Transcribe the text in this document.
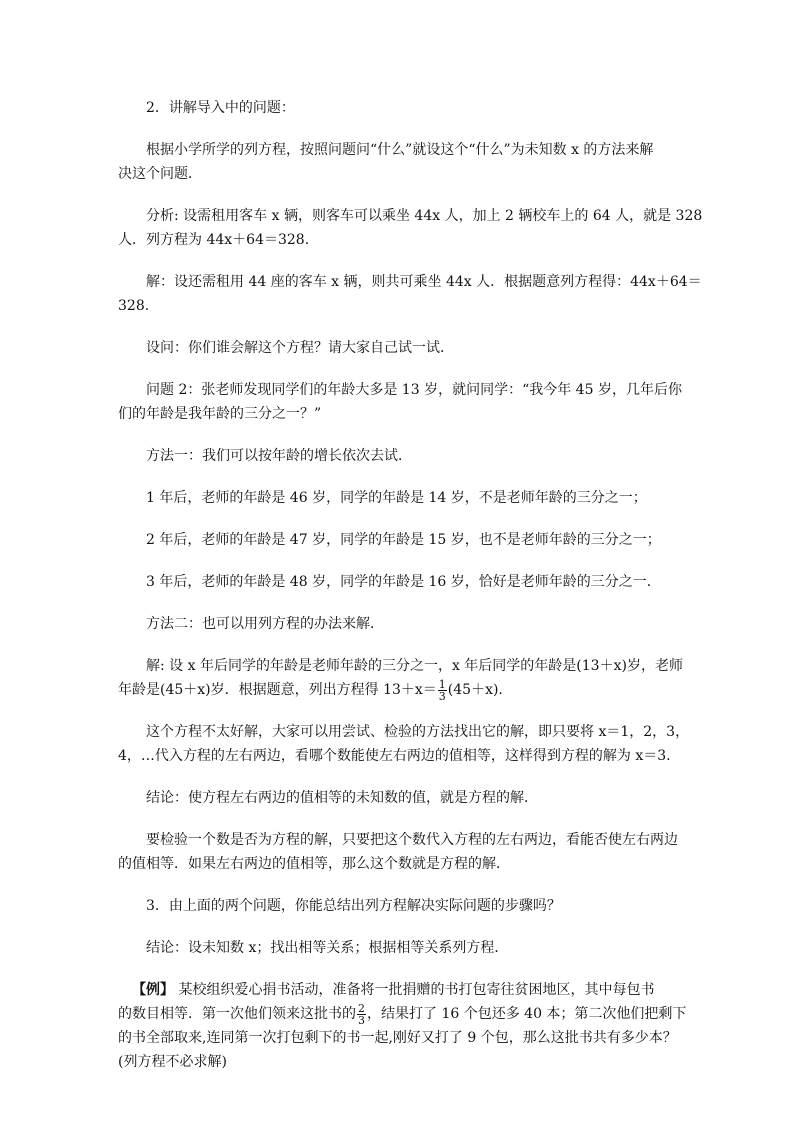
2．讲解导入中的问题：

根据小学所学的列方程，按照问题问“什么”就设这个“什么”为未知数 x 的方法来解
决这个问题．

分析: 设需租用客车 x 辆，则客车可以乘坐 44x 人，加上 2 辆校车上的 64 人，就是 328
人．列方程为 44x＋64＝328.

解：设还需租用 44 座的客车 x 辆，则共可乘坐 44x 人．根据题意列方程得：44x＋64＝
328.

设问：你们谁会解这个方程？请大家自己试一试．

问题 2：张老师发现同学们的年龄大多是 13 岁，就问同学：“我今年 45 岁，几年后你
们的年龄是我年龄的三分之一？”

方法一：我们可以按年龄的增长依次去试．

1 年后，老师的年龄是 46 岁，同学的年龄是 14 岁，不是老师年龄的三分之一；

2 年后，老师的年龄是 47 岁，同学的年龄是 15 岁，也不是老师年龄的三分之一；

3 年后，老师的年龄是 48 岁，同学的年龄是 16 岁，恰好是老师年龄的三分之一．

方法二：也可以用列方程的办法来解．

解: 设 x 年后同学的年龄是老师年龄的三分之一，x 年后同学的年龄是(13＋x)岁，老师
年龄是(45＋x)岁．根据题意，列出方程得 $13+x= \frac{1}{3} (45+x)$.

这个方程不太好解，大家可以用尝试、检验的方法找出它的解，即只要将 x＝1，2，3，
4，…代入方程的左右两边，看哪个数能使左右两边的值相等，这样得到方程的解为 x＝3.

结论：使方程左右两边的值相等的未知数的值，就是方程的解．

要检验一个数是否为方程的解，只要把这个数代入方程的左右两边，看能否使左右两边
的值相等．如果左右两边的值相等，那么这个数就是方程的解．

3．由上面的两个问题，你能总结出列方程解决实际问题的步骤吗？

结论：设未知数 x；找出相等关系；根据相等关系列方程．

【例】 某校组织爱心捐书活动，准备将一批捐赠的书打包寄往贫困地区，其中每包书
的数目相等．第一次他们领来这批书的 $\frac{2}{3}$ ，结果打了 16 个包还多 40 本；第二次他们把剩下
的书全部取来,连同第一次打包剩下的书一起,刚好又打了 9 个包，那么这批书共有多少本？
(列方程不必求解)
